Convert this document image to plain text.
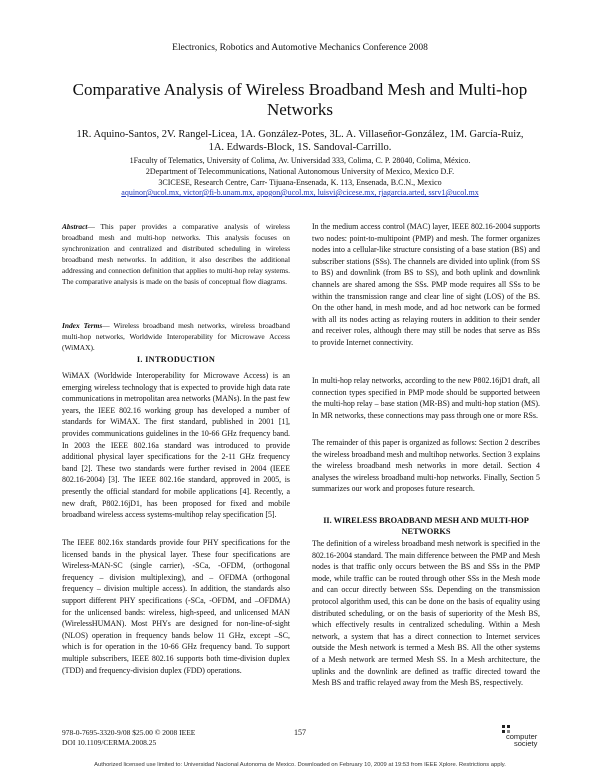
Electronics, Robotics and Automotive Mechanics Conference 2008
Comparative Analysis of Wireless Broadband Mesh and Multi-hop Networks
1R. Aquino-Santos, 2V. Rangel-Licea, 1A. González-Potes, 3L. A. Villaseñor-González, 1M. García-Ruiz, 1A. Edwards-Block, 1S. Sandoval-Carrillo.
1Faculty of Telematics, University of Colima, Av. Universidad 333, Colima, C. P. 28040, Colima, México.
2Department of Telecommunications, National Autonomous University of Mexico, Mexico D.F.
3CICESE, Research Centre, Carr- Tijuana-Ensenada, K. 113, Ensenada, B.C.N., Mexico
aquinor@ucol.mx, victor@fi-b.unam.mx, apogon@ucol.mx, luisvi@cicese.mx, rjagarcia.arted, ssrv1@ucol.mx
Abstract— This paper provides a comparative analysis of wireless broadband mesh and multi-hop networks. This analysis focuses on synchronization and centralized and distributed scheduling in wireless broadband mesh networks. In addition, it also describes the additional addressing and connection definition that applies to multi-hop relay systems. The comparative analysis is made on the basis of conceptual flow diagrams.
Index Terms— Wireless broadband mesh networks, wireless broadband multi-hop networks, Worldwide Interoperability for Microwave Access (WiMAX).
I. INTRODUCTION
WiMAX (Worldwide Interoperability for Microwave Access) is an emerging wireless technology that is expected to provide high data rate communications in metropolitan area networks (MANs). In the past few years, the IEEE 802.16 working group has developed a number of standards for WiMAX. The first standard, published in 2001 [1], provides communications guidelines in the 10-66 GHz frequency band. In 2003 the IEEE 802.16a standard was introduced to provide additional physical layer specifications for the 2-11 GHz frequency band [2]. These two standards were further revised in 2004 (IEEE 802.16-2004) [3]. The IEEE 802.16e standard, approved in 2005, is presently the official standard for mobile applications [4]. Recently, a new draft, P802.16jD1, has been proposed for fixed and mobile broadband wireless access systems-multihop relay specification [5].
The IEEE 802.16x standards provide four PHY specifications for the licensed bands in the physical layer. These four specifications are Wireless-MAN-SC (single carrier), -SCa, -OFDM, (orthogonal frequency – division multiplexing), and – OFDMA (orthogonal frequency – division multiple access). In addition, the standards also support different PHY specifications (-SCa, -OFDM, and –OFDMA) for the unlicensed bands: wireless, high-speed, and unlicensed MAN (WirelessHUMAN). Most PHYs are designed for non-line-of-sight (NLOS) operation in frequency bands below 11 GHz, except –SC, which is for operation in the 10-66 GHz frequency band. To support multiple subscribers, IEEE 802.16 supports both time-division duplex (TDD) and frequency-division duplex (FDD) operations.
In the medium access control (MAC) layer, IEEE 802.16-2004 supports two nodes: point-to-multipoint (PMP) and mesh. The former organizes nodes into a cellular-like structure consisting of a base station (BS) and subscriber stations (SSs). The channels are divided into uplink (from SS to BS) and downlink (from BS to SS), and both uplink and downlink channels are shared among the SSs. PMP mode requires all SSs to be within the transmission range and clear line of sight (LOS) of the BS. On the other hand, in mesh mode, and ad hoc network can be formed with all its nodes acting as relaying routers in addition to their sender and receiver roles, although there may still be nodes that serve as BSs to provide Internet connectivity.
In multi-hop relay networks, according to the new P802.16jD1 draft, all connection types specified in PMP mode should be supported between the multi-hop relay – base station (MR-BS) and multi-hop station (MS). In MR networks, these connections may pass through one or more RSs.
The remainder of this paper is organized as follows: Section 2 describes the wireless broadband mesh and multihop networks. Section 3 explains the wireless broadband mesh networks in more detail. Section 4 analyses the wireless broadband multi-hop networks. Finally, Section 5 summarizes our work and proposes future research.
II. WIRELESS BROADBAND MESH AND MULTI-HOP NETWORKS
The definition of a wireless broadband mesh network is specified in the 802.16-2004 standard. The main difference between the PMP and Mesh nodes is that traffic only occurs between the BS and SSs in the PMP mode, while traffic can be routed through other SSs in the Mesh mode and can occur directly between SSs. Depending on the transmission protocol algorithm used, this can be done on the basis of equality using distributed scheduling, or on the basis of superiority of the Mesh BS, which effectively results in centralized scheduling. Within a Mesh network, a system that has a direct connection to Internet services outside the Mesh network is termed a Mesh BS. All the other systems of a Mesh network are termed Mesh SS. In a Mesh architecture, the uplinks and the downlink are defined as traffic directed toward the Mesh BS and traffic relayed away from the Mesh BS, respectively.
978-0-7695-3320-9/08 $25.00 © 2008 IEEE
DOI 10.1109/CERMA.2008.25
157	computer
society
Authorized licensed use limited to: Universidad Nacional Autonoma de Mexico. Downloaded on February 10, 2009 at 19:53 from IEEE Xplore. Restrictions apply.
